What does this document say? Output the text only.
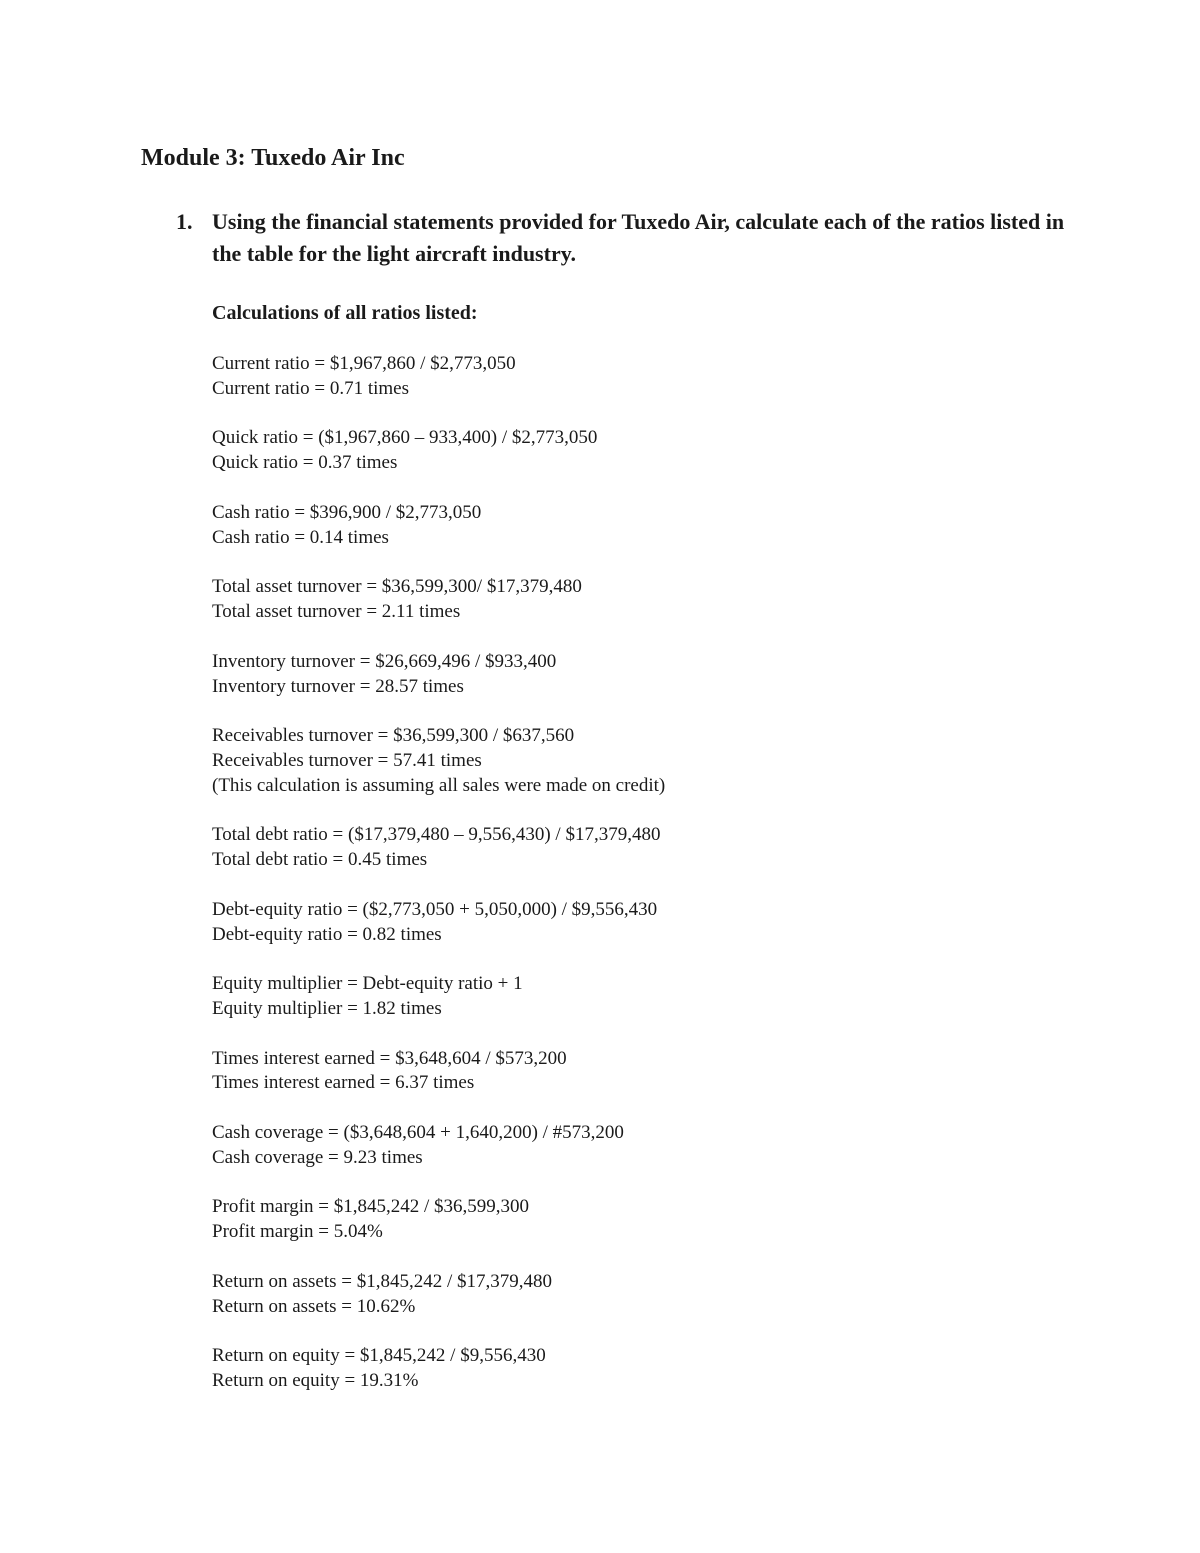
Module 3: Tuxedo Air Inc
1. Using the financial statements provided for Tuxedo Air, calculate each of the ratios listed in the table for the light aircraft industry.
Calculations of all ratios listed:
Current ratio = $1,967,860 / $2,773,050
Current ratio = 0.71 times
Quick ratio = ($1,967,860 – 933,400) / $2,773,050
Quick ratio = 0.37 times
Cash ratio = $396,900 / $2,773,050
Cash ratio = 0.14 times
Total asset turnover = $36,599,300/ $17,379,480
Total asset turnover = 2.11 times
Inventory turnover = $26,669,496 / $933,400
Inventory turnover = 28.57 times
Receivables turnover = $36,599,300 / $637,560
Receivables turnover = 57.41 times
(This calculation is assuming all sales were made on credit)
Total debt ratio = ($17,379,480 – 9,556,430) / $17,379,480
Total debt ratio = 0.45 times
Debt-equity ratio = ($2,773,050 + 5,050,000) / $9,556,430
Debt-equity ratio = 0.82 times
Equity multiplier = Debt-equity ratio + 1
Equity multiplier = 1.82 times
Times interest earned = $3,648,604 / $573,200
Times interest earned = 6.37 times
Cash coverage = ($3,648,604 + 1,640,200) / #573,200
Cash coverage = 9.23 times
Profit margin = $1,845,242 / $36,599,300
Profit margin = 5.04%
Return on assets = $1,845,242 / $17,379,480
Return on assets = 10.62%
Return on equity = $1,845,242 / $9,556,430
Return on equity = 19.31%
